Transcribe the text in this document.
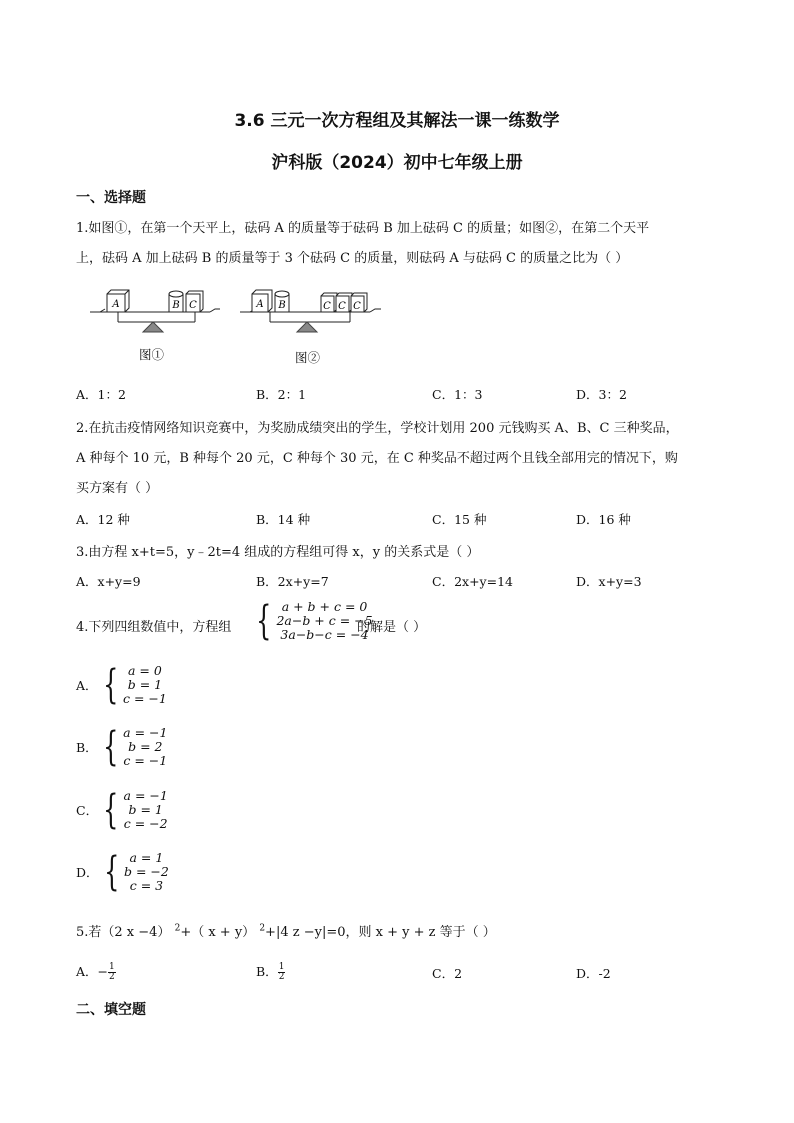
3.6 三元一次方程组及其解法一课一练数学
沪科版（2024）初中七年级上册
一、选择题
1.如图①，在第一个天平上，砝码 A 的质量等于砝码 B 加上砝码 C 的质量；如图②，在第二个天平
上，砝码 A 加上砝码 B 的质量等于 3 个砝码 C 的质量，则砝码 A 与砝码 C 的质量之比为（ ）
A	B C	A B	C C C
图①	图②
A．1：2	B．2：1	C．1：3	D．3：2
2.在抗击疫情网络知识竞赛中，为奖励成绩突出的学生，学校计划用 200 元钱购买 A、B、C 三种奖品，
A 种每个 10 元，B 种每个 20 元，C 种每个 30 元，在 C 种奖品不超过两个且钱全部用完的情况下，购
买方案有（ ）
A．12 种	B．14 种	C．15 种	D．16 种
3.由方程 x+t=5，y﹣2t=4 组成的方程组可得 x，y 的关系式是（ ）
A．x+y=9	B．2x+y=7	C．2x+y=14	D．x+y=3
4.下列四组数值中，方程组 { a + b + c = 0
2a−b + c = −5
3a−b−c = −4
的解是（ ）
A． { a = 0
b = 1
c = −1
B． { a = −1
b = 2
c = −1
C． { a = −1
b = 1
c = −2
D． { a = 1
b = −2
c = 3
5.若（2 x −4） $^2$+（ x + y） $^2$+|4 z −y|=0，则 x + y + z 等于（ ）
A．− $\frac{1}{2}$	B． $\frac{1}{2}$	C．2	D．-2
二、填空题
